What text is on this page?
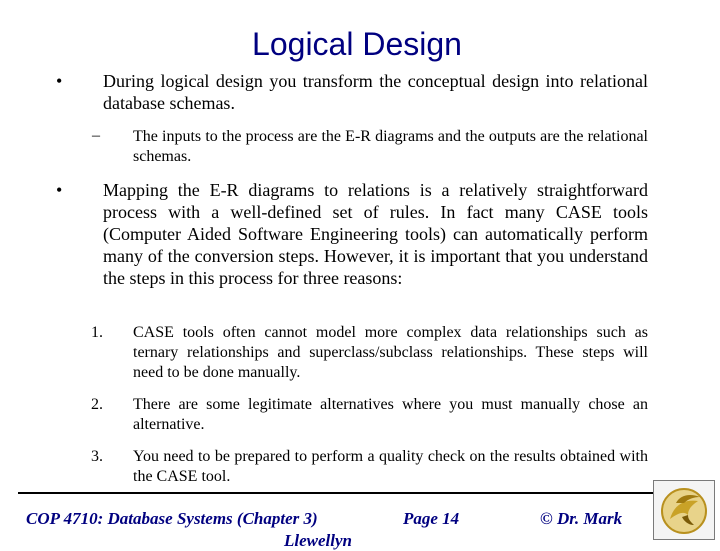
Logical Design
• During logical design you transform the conceptual design into relational database schemas.
– The inputs to the process are the E-R diagrams and the outputs are the relational schemas.
• Mapping the E-R diagrams to relations is a relatively straightforward process with a well-defined set of rules. In fact many CASE tools (Computer Aided Software Engineering tools) can automatically perform many of the conversion steps. However, it is important that you understand the steps in this process for three reasons:
1. CASE tools often cannot model more complex data relationships such as ternary relationships and superclass/subclass relationships. These steps will need to be done manually.
2. There are some legitimate alternatives where you must manually chose an alternative.
3. You need to be prepared to perform a quality check on the results obtained with the CASE tool.
COP 4710: Database Systems (Chapter 3)	Page 14	© Dr. Mark
Llewellyn
